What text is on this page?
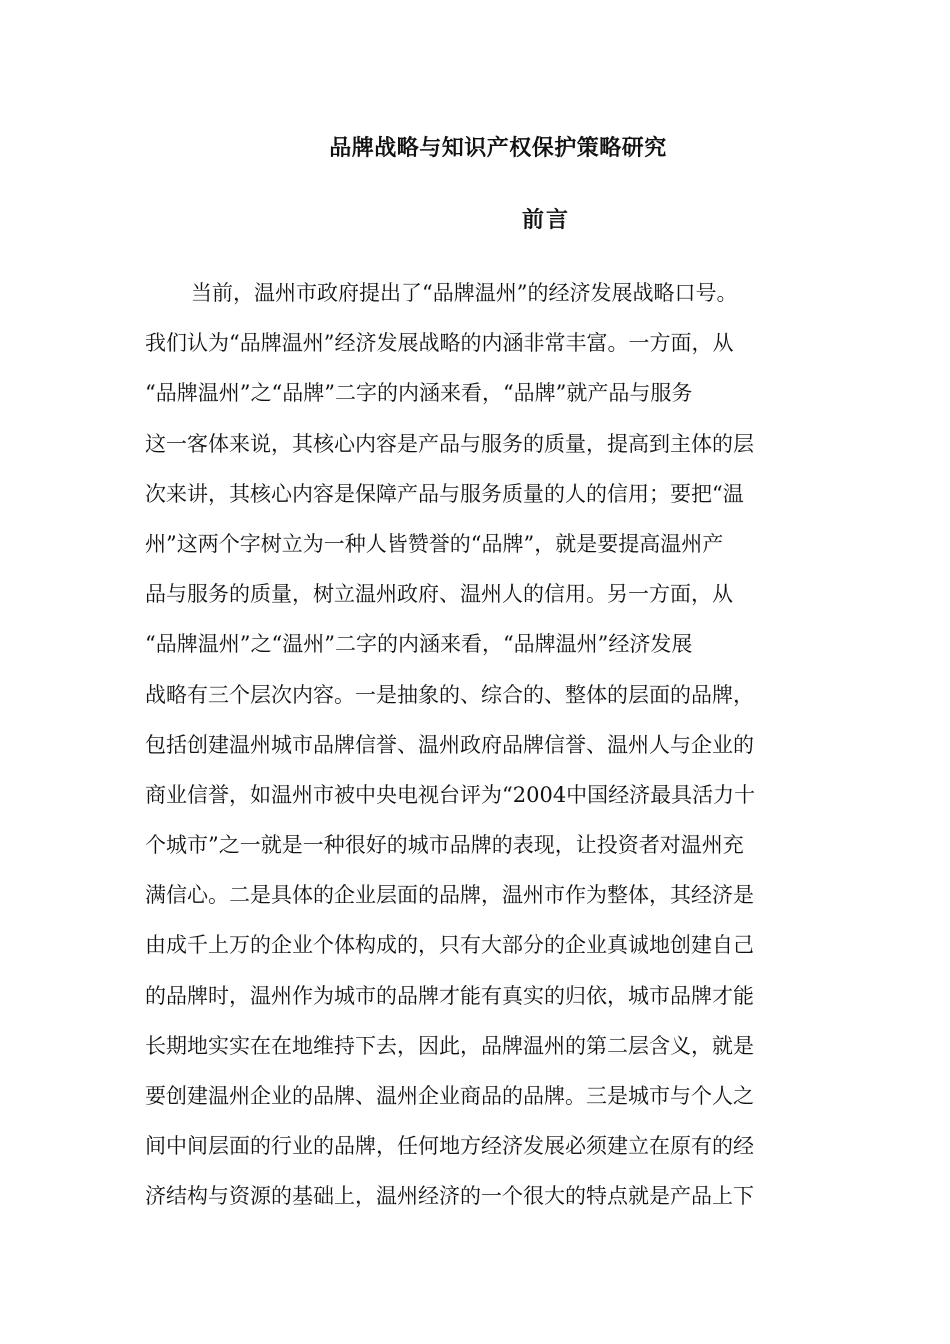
品牌战略与知识产权保护策略研究
前言
当前，温州市政府提出了“品牌温州”的经济发展战略口号。
我们认为“品牌温州”经济发展战略的内涵非常丰富。一方面，从
“品牌温州”之“品牌”二字的内涵来看，“品牌”就产品与服务
这一客体来说，其核心内容是产品与服务的质量，提高到主体的层
次来讲，其核心内容是保障产品与服务质量的人的信用；要把“温
州”这两个字树立为一种人皆赞誉的“品牌”，就是要提高温州产
品与服务的质量，树立温州政府、温州人的信用。另一方面，从
“品牌温州”之“温州”二字的内涵来看，“品牌温州”经济发展
战略有三个层次内容。一是抽象的、综合的、整体的层面的品牌，
包括创建温州城市品牌信誉、温州政府品牌信誉、温州人与企业的
商业信誉，如温州市被中央电视台评为“2004中国经济最具活力十
个城市”之一就是一种很好的城市品牌的表现，让投资者对温州充
满信心。二是具体的企业层面的品牌，温州市作为整体，其经济是
由成千上万的企业个体构成的，只有大部分的企业真诚地创建自己
的品牌时，温州作为城市的品牌才能有真实的归依，城市品牌才能
长期地实实在在地维持下去，因此，品牌温州的第二层含义，就是
要创建温州企业的品牌、温州企业商品的品牌。三是城市与个人之
间中间层面的行业的品牌，任何地方经济发展必须建立在原有的经
济结构与资源的基础上，温州经济的一个很大的特点就是产品上下
